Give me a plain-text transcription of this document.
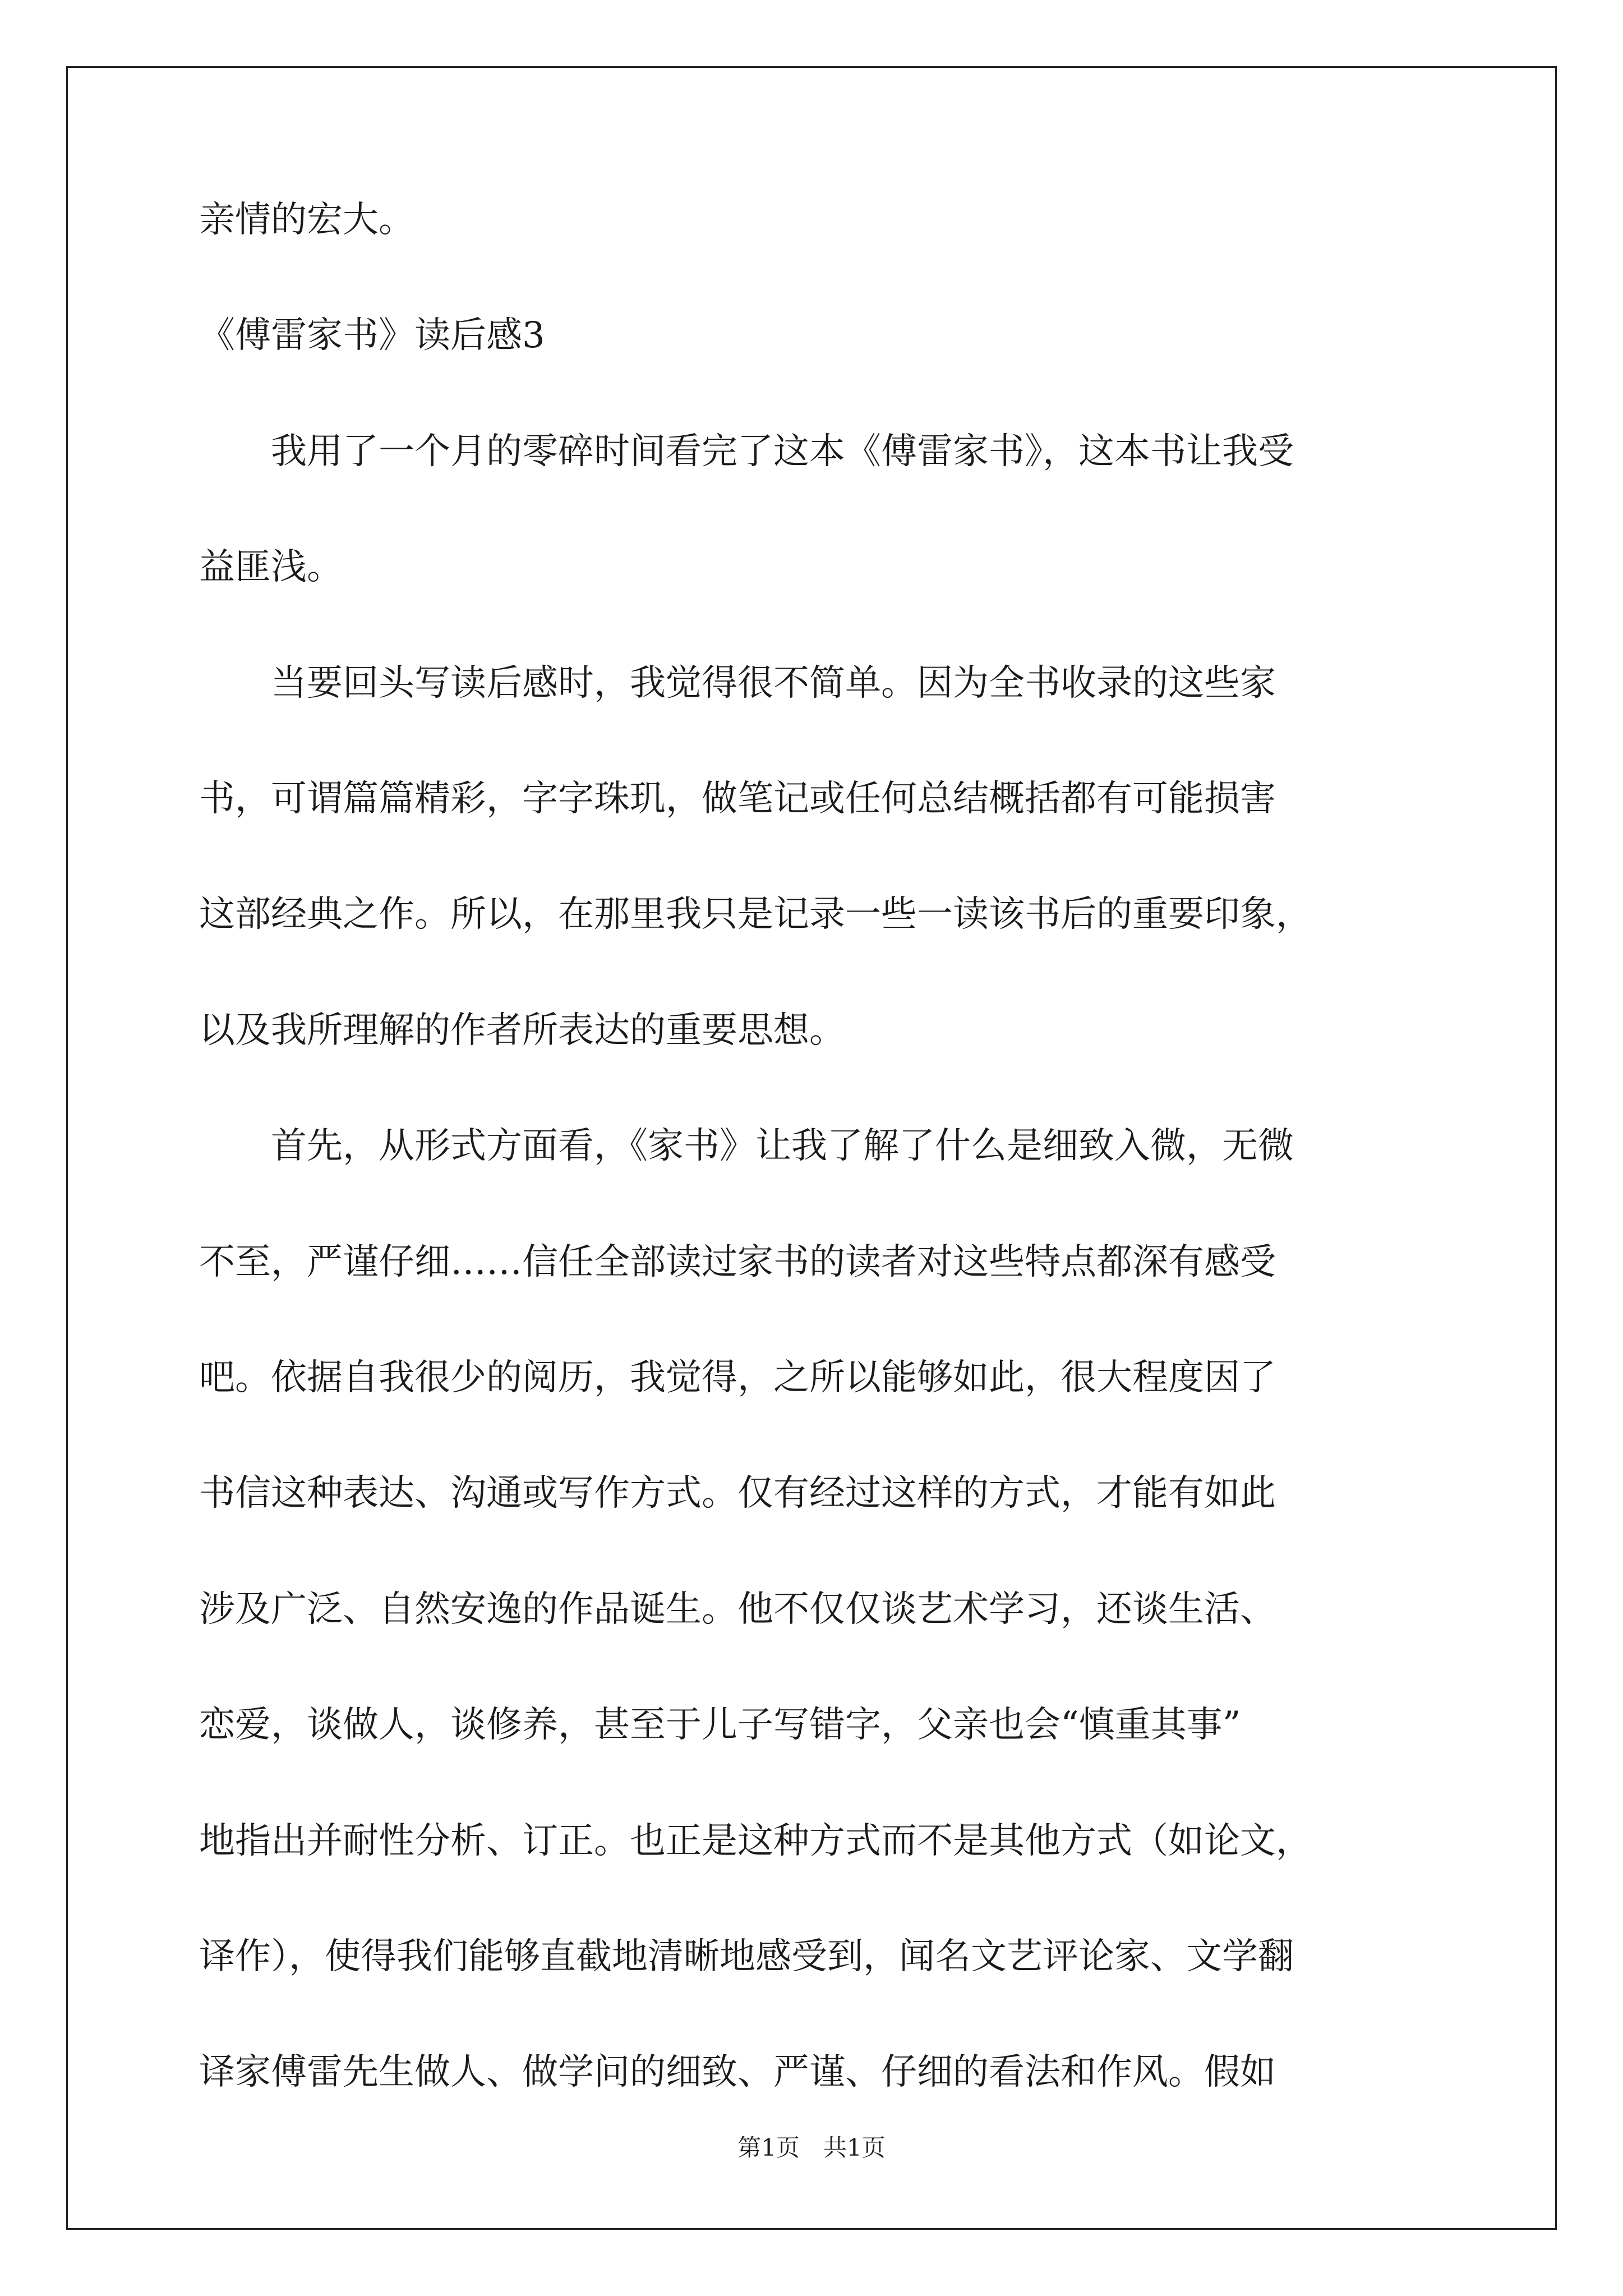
亲情的宏大。

《傅雷家书》读后感3

　　我用了一个月的零碎时间看完了这本《傅雷家书》，这本书让我受

益匪浅。

　　当要回头写读后感时，我觉得很不简单。因为全书收录的这些家

书，可谓篇篇精彩，字字珠玑，做笔记或任何总结概括都有可能损害

这部经典之作。所以，在那里我只是记录一些一读该书后的重要印象，

以及我所理解的作者所表达的重要思想。

　　首先，从形式方面看，《家书》让我了解了什么是细致入微，无微

不至，严谨仔细……信任全部读过家书的读者对这些特点都深有感受

吧。依据自我很少的阅历，我觉得，之所以能够如此，很大程度因了

书信这种表达、沟通或写作方式。仅有经过这样的方式，才能有如此

涉及广泛、自然安逸的作品诞生。他不仅仅谈艺术学习，还谈生活、

恋爱，谈做人，谈修养，甚至于儿子写错字，父亲也会“慎重其事”

地指出并耐性分析、订正。也正是这种方式而不是其他方式（如论文，

译作），使得我们能够直截地清晰地感受到，闻名文艺评论家、文学翻

译家傅雷先生做人、做学问的细致、严谨、仔细的看法和作风。假如

第1页　共1页
